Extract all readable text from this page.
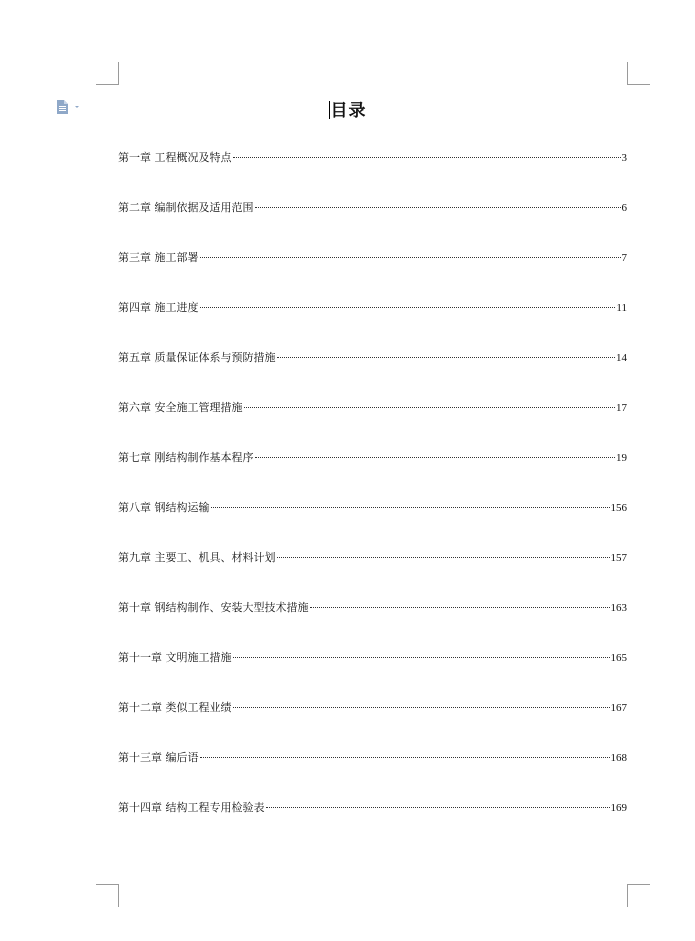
目录
第一章 工程概况及特点	3
第二章 编制依据及适用范围	6
第三章 施工部署	7
第四章 施工进度	11
第五章 质量保证体系与预防措施	14
第六章 安全施工管理措施	17
第七章 刚结构制作基本程序	19
第八章 钢结构运输	156
第九章 主要工、机具、材料计划	157
第十章 钢结构制作、安装大型技术措施	163
第十一章 文明施工措施	165
第十二章 类似工程业绩	167
第十三章 编后语	168
第十四章 结构工程专用检验表	169
